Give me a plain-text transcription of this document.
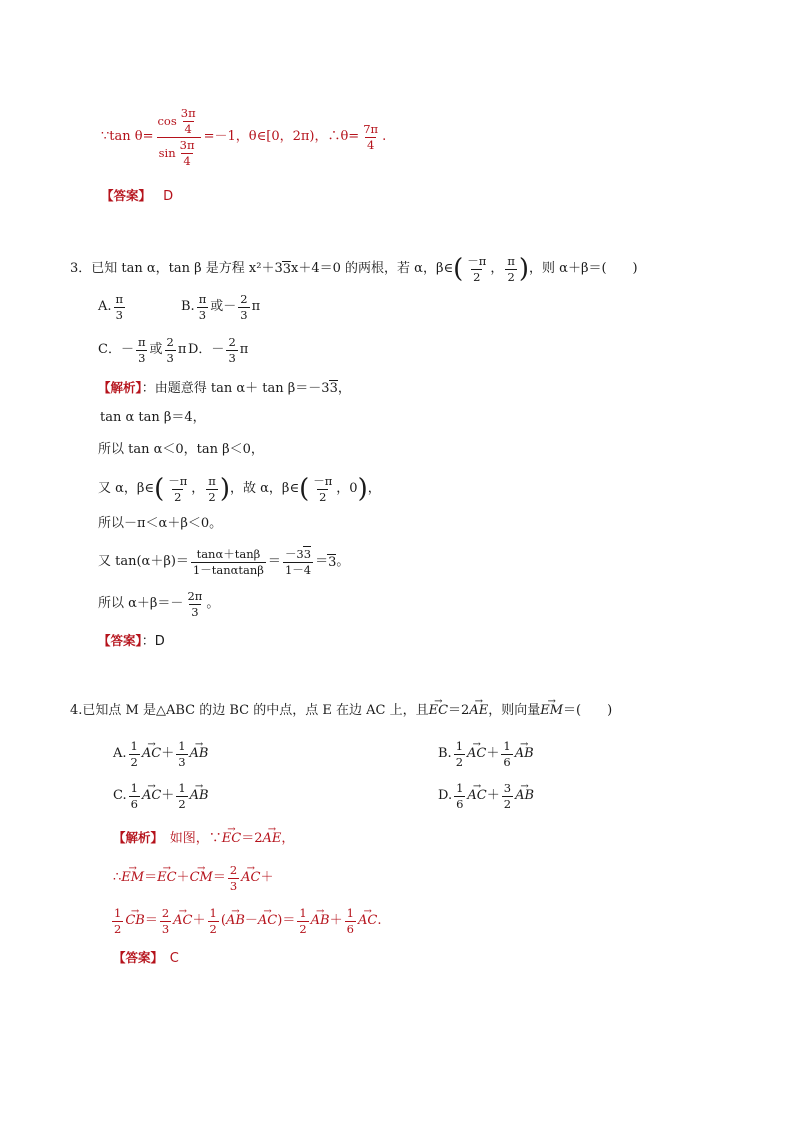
∵tan $\theta= \frac{\cos \frac{3\pi}{4}}{\sin \frac{3\pi}{4}} =-1$，θ∈[0，2π)，∴θ= $\frac{7\pi}{4}$ .
【答案】 D
3．已知 tan α，tan β 是方程 x²＋3 3 x＋4＝0 的两根，若 α，β∈ ( $\frac{-\pi}{2}$ ， $\frac{\pi}{2}$ ) ，则 α＋β＝(　　)
A. $\frac{\pi}{3}$	B. $\frac{\pi}{3}$ 或－ $\frac{2}{3}$ π
C．－ $\frac{\pi}{3}$ 或 $\frac{2}{3}$ π D．－ $\frac{2}{3}$ π
【解析】：由题意得 tan α＋ tan β＝－33，
tan α tan β＝4，
所以 tan α＜0，tan β＜0，
又 α，β∈ ( $\frac{-\pi}{2}$ ， $\frac{\pi}{2}$ ) ，故 α，β∈ ( $\frac{-\pi}{2}$ ，0 ) ，
所以－π＜α＋β＜0。
又 $\tan(\alpha+\beta)= \frac{\tan\alpha+\tan\beta}{1-\tan\alpha\tan\beta} = \frac{-33}{1-4} = 3$ 。
所以 $\alpha+\beta=- \frac{2\pi}{3}$ 。
【答案】：D
4.已知点 M 是△ABC 的边 BC 的中点，点 E 在边 AC 上，且→ EC＝2→ AE，则向量→ EM＝(　　)
A. $\frac{1}{2}$ → AC ＋ $\frac{1}{3}$ → AB	B. $\frac{1}{2}$ → AC ＋ $\frac{1}{6}$ → AB
C. $\frac{1}{6}$ → AC ＋ $\frac{1}{2}$ → AB	D. $\frac{1}{6}$ → AC ＋ $\frac{3}{2}$ → AB
【解析】　如图，∵→ EC＝2→ AE，
∴ → EM ＝ → EC ＋ → CM ＝ $\frac{2}{3}$ → AC ＋
$\frac{1}{2}$ → CB ＝ $\frac{2}{3}$ → AC ＋ $\frac{1}{2}$ ( → AB － → AC ) ＝ $\frac{1}{2}$ → AB ＋ $\frac{1}{6}$ → AC .
【答案】　C
